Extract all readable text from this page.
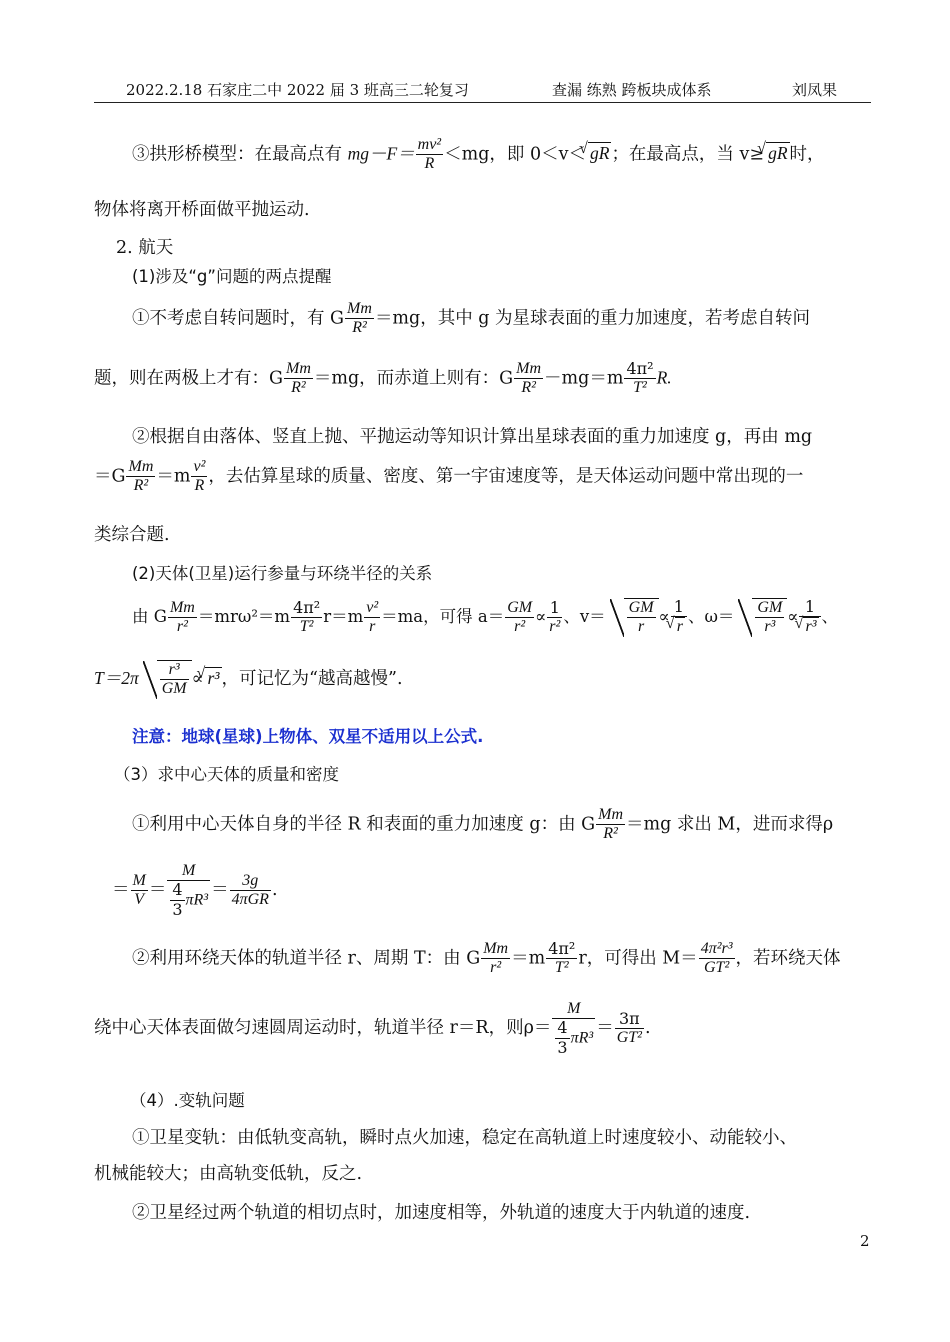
2022.2.18 石家庄二中 2022 届 3 班高三二轮复习	查漏 练熟 跨板块成体系	刘凤果
③拱形桥模型：在最高点有 $mg-F= \frac{\text{mv²}}{R} <mg$，即 0＜v＜ √ gR ；在最高点，当 v≥ √ gR 时，
物体将离开桥面做平抛运动.
2. 航天
(1)涉及“g”问题的两点提醒
①不考虑自转问题时，有 G $\frac{Mm}{\text{R²}} =mg$，其中 g 为星球表面的重力加速度，若考虑自转问
题，则在两极上才有：G $\frac{Mm}{\text{R²}} =mg$，而赤道上则有：G $\frac{Mm}{\text{R²}} -mg=m \frac{\text{4π²}}{\text{T²}} R$.
②根据自由落体、竖直上抛、平抛运动等知识计算出星球表面的重力加速度 g，再由 mg
$=G \frac{Mm}{\text{R²}} =m \frac{\text{v²}}{R}$ ，去估算星球的质量、密度、第一宇宙速度等，是天体运动问题中常出现的一
类综合题.
(2)天体(卫星)运行参量与环绕半径的关系
由 G $\frac{Mm}{\text{r²}} =mr\omega^2=m \frac{\text{4π²}}{\text{T²}} r=m \frac{\text{v²}}{r} =ma$，可得 $a= \frac{GM}{\text{r²}} \propto \frac{1}{\text{r²}}$ 、$v= \frac{GM}{r} \propto 1$
√ r 、$\omega= \frac{GM}{\text{r³}} \propto 1$
√ r³ 、
$T=2\pi \frac{\text{r³}}{GM}$ ∝ √ r³ ，可记忆为“越高越慢”.
注意：地球(星球)上物体、双星不适用以上公式.
（3）求中心天体的质量和密度
①利用中心天体自身的半径 R 和表面的重力加速度 g：由 G $\frac{Mm}{\text{R²}} =mg$ 求出 M，进而求得ρ
＝ $\frac{M}{V} = \frac{M}{\frac{4}{3} \pi R^3} = 3g$
4πGR .
②利用环绕天体的轨道半径 r、周期 T：由 G $\frac{Mm}{\text{r²}} =m \frac{\text{4π²}}{\text{T²}}$ r，可得出 $M= \frac{\text{4π²r³}}{\text{GT²}}$ ，若环绕天体
绕中心天体表面做匀速圆周运动时，轨道半径 r＝R，则$\rho= \frac{M}{\frac{4}{3} \pi R^3} = \frac{3\pi}{\text{GT²}}$ .
（4）.变轨问题
①卫星变轨：由低轨变高轨，瞬时点火加速，稳定在高轨道上时速度较小、动能较小、
机械能较大；由高轨变低轨，反之.
②卫星经过两个轨道的相切点时，加速度相等，外轨道的速度大于内轨道的速度.
2
